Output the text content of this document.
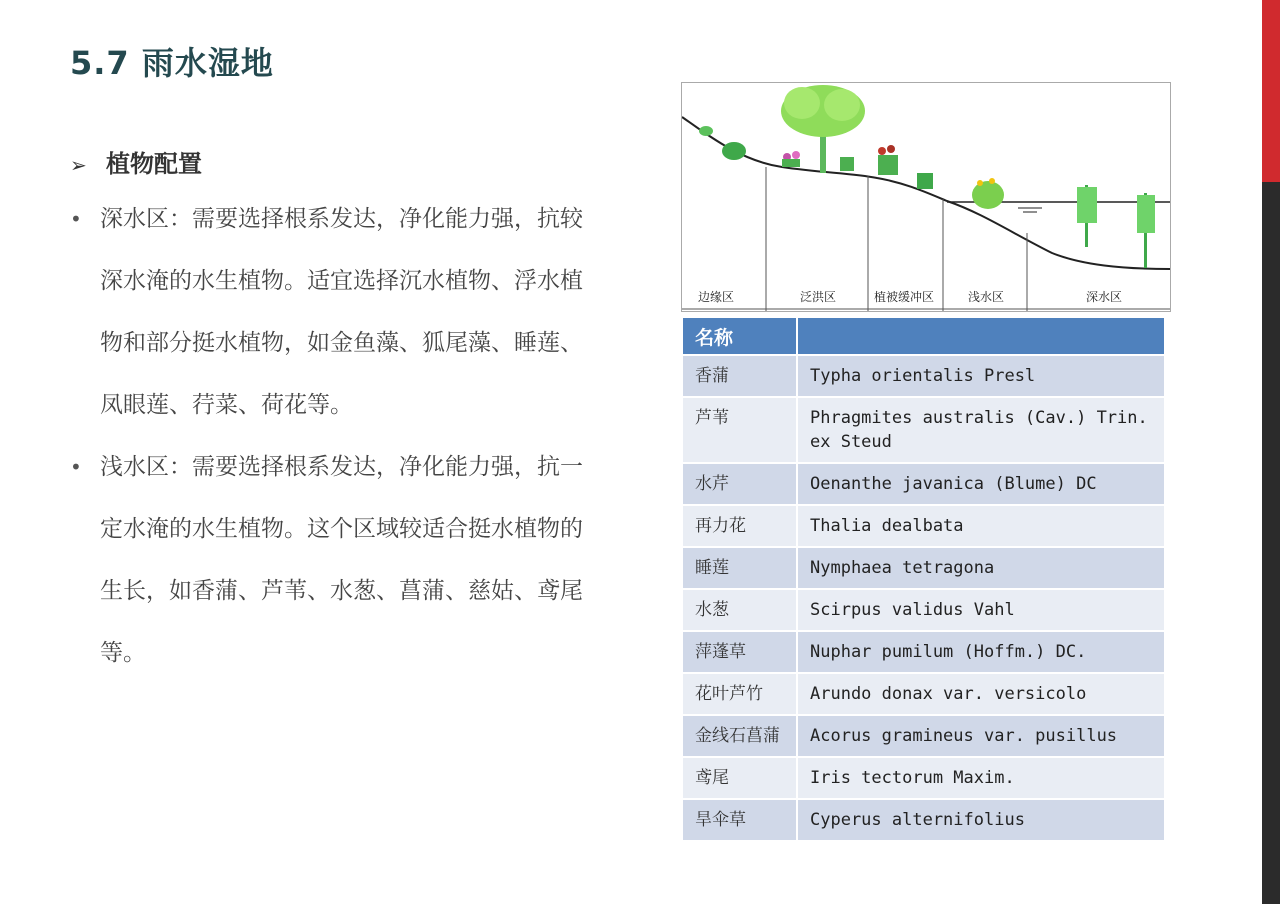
5.7 雨水湿地
➢ 植物配置
• 深水区：需要选择根系发达，净化能力强，抗较深水淹的水生植物。适宜选择沉水植物、浮水植物和部分挺水植物，如金鱼藻、狐尾藻、睡莲、凤眼莲、荇菜、荷花等。
• 浅水区：需要选择根系发达，净化能力强，抗一定水淹的水生植物。这个区域较适合挺水植物的生长，如香蒲、芦苇、水葱、菖蒲、慈姑、鸢尾等。
边缘区	泛洪区	植被缓冲区	浅水区	深水区
名称	
香蒲	Typha orientalis Presl
芦苇	Phragmites australis (Cav.) Trin. ex Steud
水芹	Oenanthe javanica (Blume) DC
再力花	Thalia dealbata
睡莲	Nymphaea tetragona
水葱	Scirpus validus Vahl
萍蓬草	Nuphar pumilum (Hoffm.) DC.
花叶芦竹	Arundo donax var. versicolo
金线石菖蒲	Acorus gramineus var. pusillus
鸢尾	Iris tectorum Maxim.
旱伞草	Cyperus alternifolius
